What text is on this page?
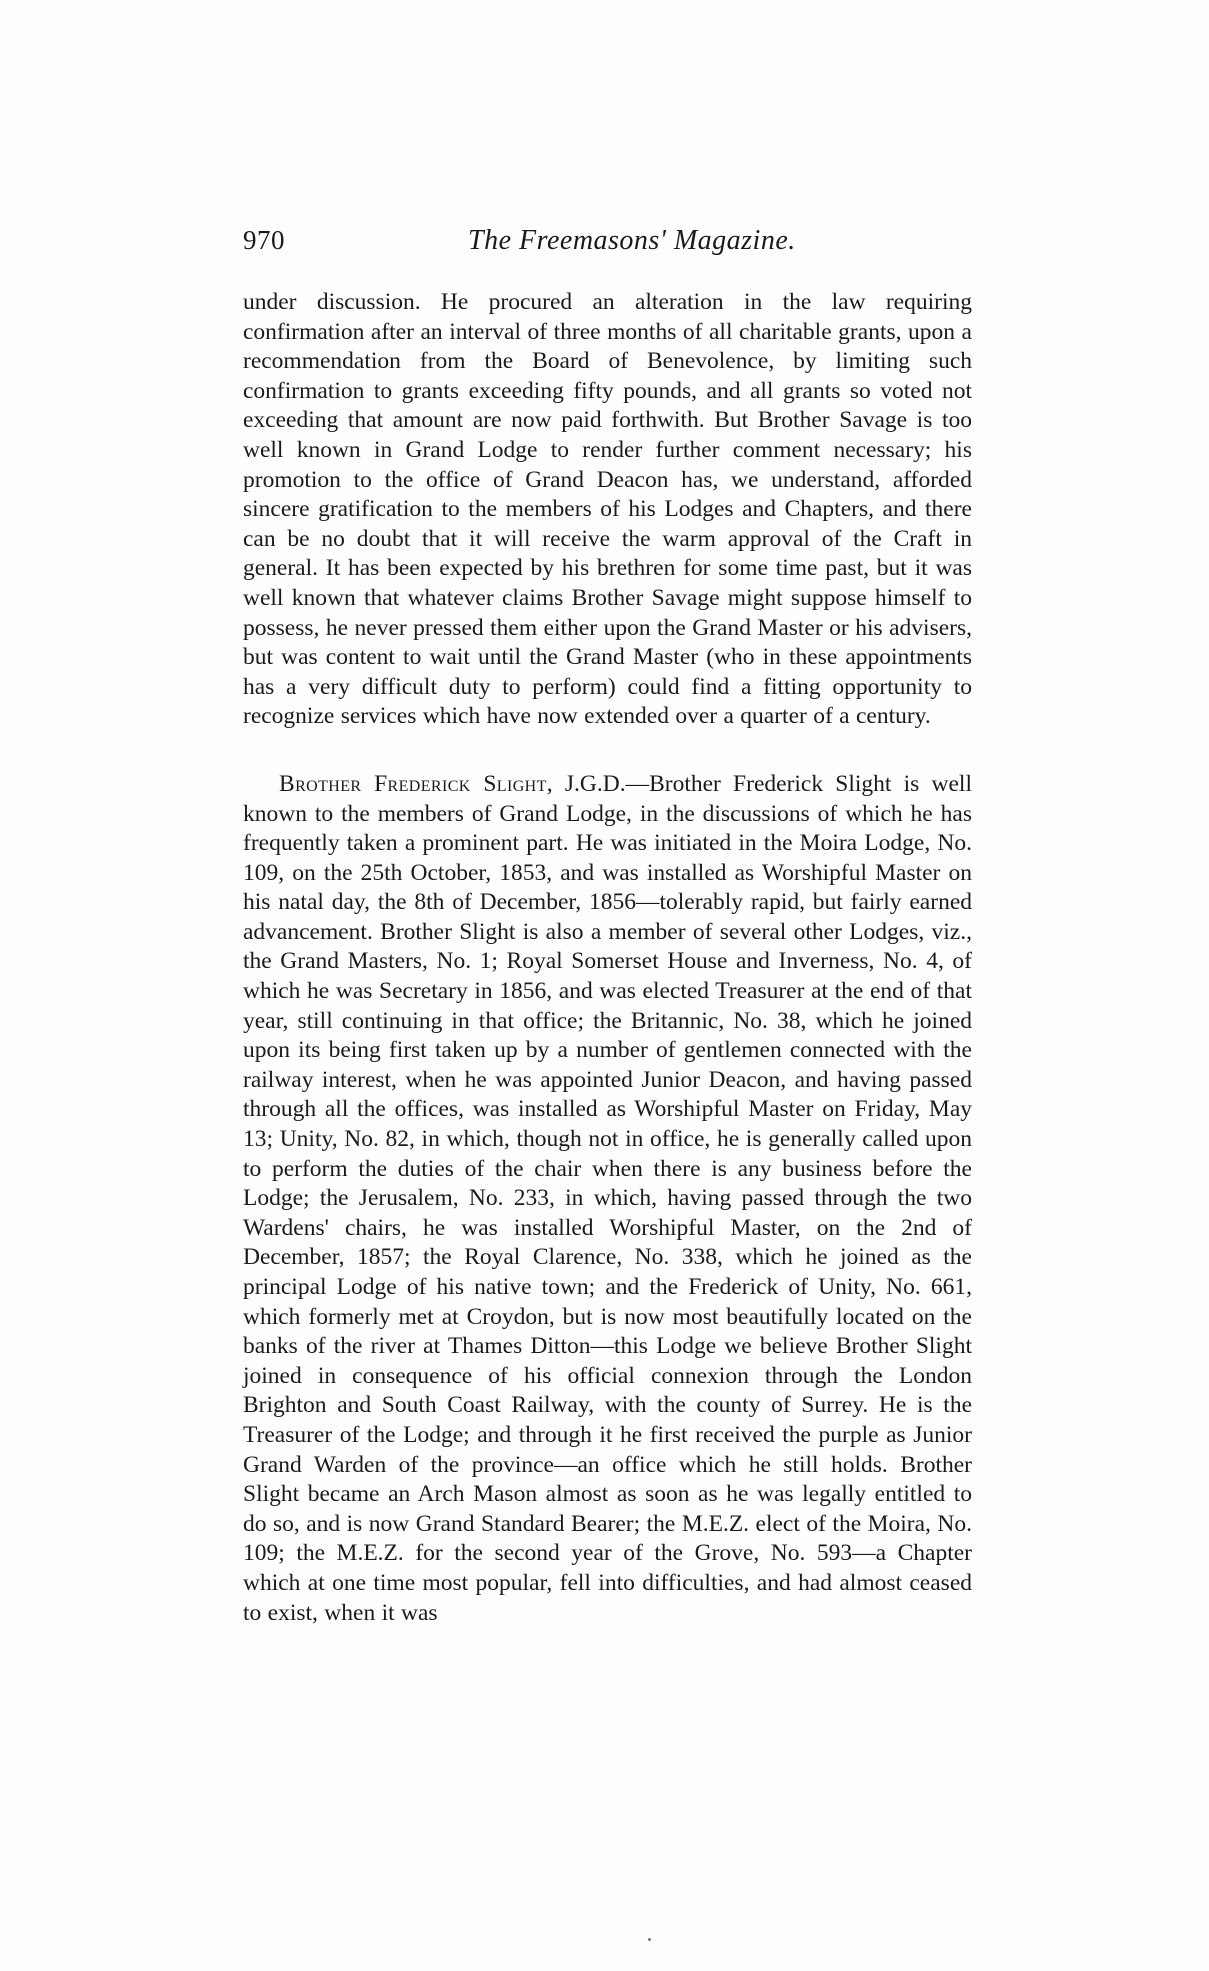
970	The Freemasons' Magazine.

under discussion. He procured an alteration in the law requiring confirmation after an interval of three months of all charitable grants, upon a recommendation from the Board of Benevolence, by limiting such confirmation to grants exceeding fifty pounds, and all grants so voted not exceeding that amount are now paid forthwith. But Brother Savage is too well known in Grand Lodge to render further comment necessary; his promotion to the office of Grand Deacon has, we understand, afforded sincere gratification to the members of his Lodges and Chapters, and there can be no doubt that it will receive the warm approval of the Craft in general. It has been expected by his brethren for some time past, but it was well known that whatever claims Brother Savage might suppose himself to possess, he never pressed them either upon the Grand Master or his advisers, but was content to wait until the Grand Master (who in these appointments has a very difficult duty to perform) could find a fitting opportunity to recognize services which have now extended over a quarter of a century.

Brother Frederick Slight, J.G.D.—Brother Frederick Slight is well known to the members of Grand Lodge, in the discussions of which he has frequently taken a prominent part. He was initiated in the Moira Lodge, No. 109, on the 25th October, 1853, and was installed as Worshipful Master on his natal day, the 8th of December, 1856—tolerably rapid, but fairly earned advancement. Brother Slight is also a member of several other Lodges, viz., the Grand Masters, No. 1; Royal Somerset House and Inverness, No. 4, of which he was Secretary in 1856, and was elected Treasurer at the end of that year, still continuing in that office; the Britannic, No. 38, which he joined upon its being first taken up by a number of gentlemen connected with the railway interest, when he was appointed Junior Deacon, and having passed through all the offices, was installed as Worshipful Master on Friday, May 13; Unity, No. 82, in which, though not in office, he is generally called upon to perform the duties of the chair when there is any business before the Lodge; the Jerusalem, No. 233, in which, having passed through the two Wardens' chairs, he was installed Worshipful Master, on the 2nd of December, 1857; the Royal Clarence, No. 338, which he joined as the principal Lodge of his native town; and the Frederick of Unity, No. 661, which formerly met at Croydon, but is now most beautifully located on the banks of the river at Thames Ditton—this Lodge we believe Brother Slight joined in consequence of his official connexion through the London Brighton and South Coast Railway, with the county of Surrey. He is the Treasurer of the Lodge; and through it he first received the purple as Junior Grand Warden of the province—an office which he still holds. Brother Slight became an Arch Mason almost as soon as he was legally entitled to do so, and is now Grand Standard Bearer; the M.E.Z. elect of the Moira, No. 109; the M.E.Z. for the second year of the Grove, No. 593—a Chapter which at one time most popular, fell into difficulties, and had almost ceased to exist, when it was
